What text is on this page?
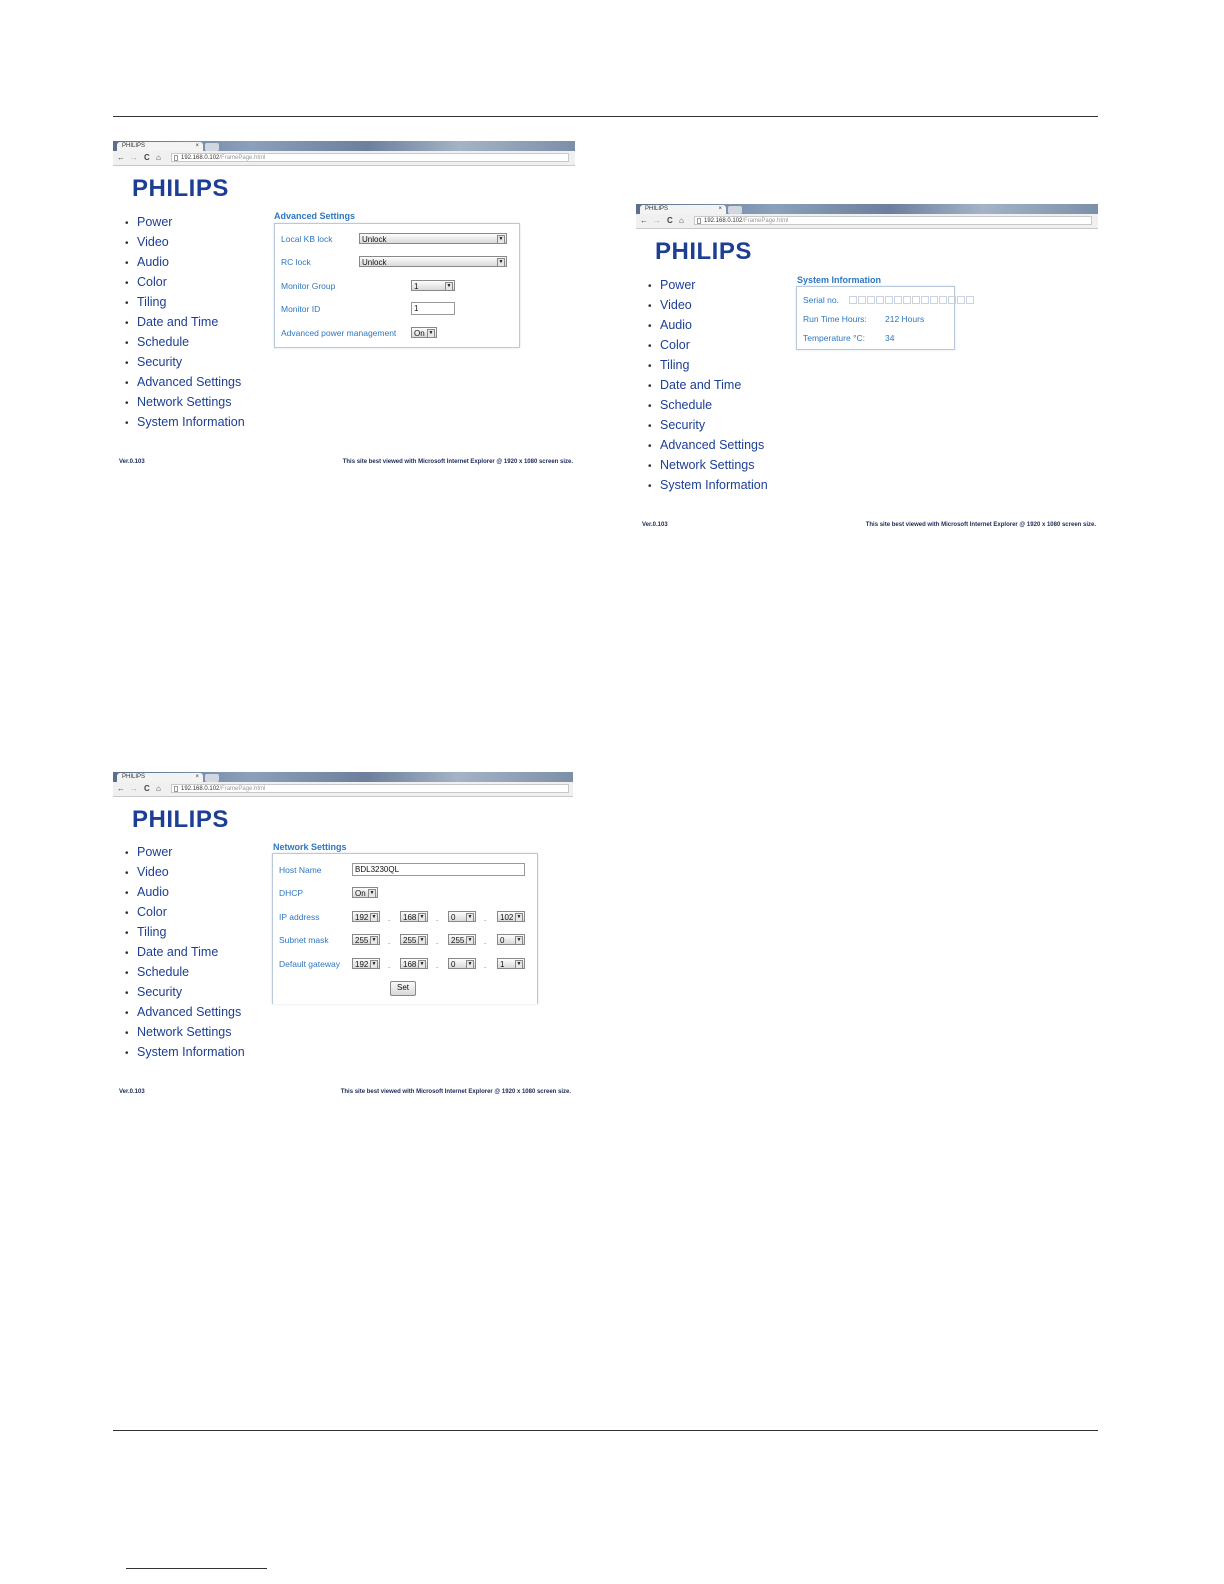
PHILIPS	×
← → C ⌂	192.168.0.102/FramePage.html
PHILIPS
• Power
• Video
• Audio
• Color
• Tiling
• Date and Time
• Schedule
• Security
• Advanced Settings
• Network Settings
• System Information
Advanced Settings
Local KB lock	Unlock	▼
RC lock	Unlock	▼
Monitor Group	1	▼
Monitor ID	1
Advanced power management	On ▼
Ver.0.103	This site best viewed with Microsoft Internet Explorer @ 1920 x 1080 screen size.
PHILIPS	×
← → C ⌂	192.168.0.102/FramePage.html
PHILIPS
• Power
• Video
• Audio
• Color
• Tiling
• Date and Time
• Schedule
• Security
• Advanced Settings
• Network Settings
• System Information
System Information
Serial no.
Run Time Hours: 212 Hours
Temperature °C: 34
Ver.0.103	This site best viewed with Microsoft Internet Explorer @ 1920 x 1080 screen size.
PHILIPS	×
← → C ⌂	192.168.0.102/FramePage.html
PHILIPS
• Power
• Video
• Audio
• Color
• Tiling
• Date and Time
• Schedule
• Security
• Advanced Settings
• Network Settings
• System Information
Network Settings
Host Name	BDL3230QL
DHCP	On ▼
IP address	192 ▼ .	168 ▼ .	0	▼ .	102 ▼
Subnet mask	255 ▼ .	255 ▼ .	255 ▼ .	0	▼
Default gateway	192 ▼ .	168 ▼ .	0	▼ .	1	▼
Set
Ver.0.103	This site best viewed with Microsoft Internet Explorer @ 1920 x 1080 screen size.
